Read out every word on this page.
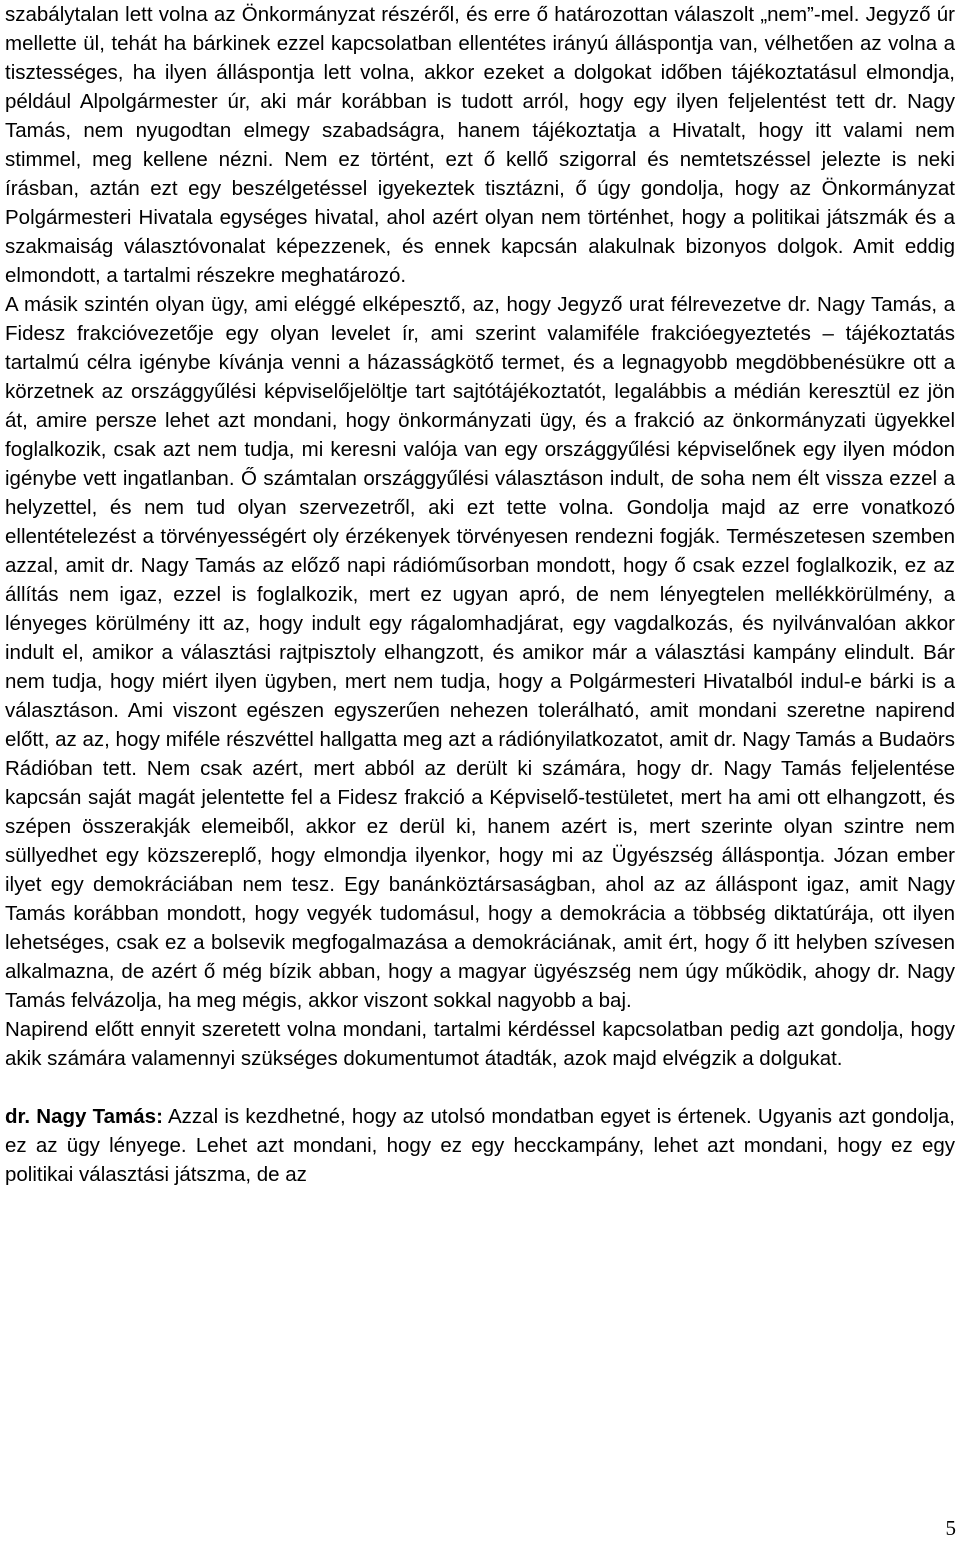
szabálytalan lett volna az Önkormányzat részéről, és erre ő határozottan válaszolt „nem”-mel. Jegyző úr mellette ül, tehát ha bárkinek ezzel kapcsolatban ellentétes irányú álláspontja van, vélhetően az volna a tisztességes, ha ilyen álláspontja lett volna, akkor ezeket a dolgokat időben tájékoztatásul elmondja, például Alpolgármester úr, aki már korábban is tudott arról, hogy egy ilyen feljelentést tett dr. Nagy Tamás, nem nyugodtan elmegy szabadságra, hanem tájékoztatja a Hivatalt, hogy itt valami nem stimmel, meg kellene nézni. Nem ez történt, ezt ő kellő szigorral és nemtetszéssel jelezte is neki írásban, aztán ezt egy beszélgetéssel igyekeztek tisztázni, ő úgy gondolja, hogy az Önkormányzat Polgármesteri Hivatala egységes hivatal, ahol azért olyan nem történhet, hogy a politikai játszmák és a szakmaiság választóvonalat képezzenek, és ennek kapcsán alakulnak bizonyos dolgok. Amit eddig elmondott, a tartalmi részekre meghatározó.

A másik szintén olyan ügy, ami eléggé elképesztő, az, hogy Jegyző urat félrevezetve dr. Nagy Tamás, a Fidesz frakcióvezetője egy olyan levelet ír, ami szerint valamiféle frakcióegyeztetés – tájékoztatás tartalmú célra igénybe kívánja venni a házasságkötő termet, és a legnagyobb megdöbbenésükre ott a körzetnek az országgyűlési képviselőjelöltje tart sajtótájékoztatót, legalábbis a médián keresztül ez jön át, amire persze lehet azt mondani, hogy önkormányzati ügy, és a frakció az önkormányzati ügyekkel foglalkozik, csak azt nem tudja, mi keresni valója van egy országgyűlési képviselőnek egy ilyen módon igénybe vett ingatlanban. Ő számtalan országgyűlési választáson indult, de soha nem élt vissza ezzel a helyzettel, és nem tud olyan szervezetről, aki ezt tette volna. Gondolja majd az erre vonatkozó ellentételezést a törvényességért oly érzékenyek törvényesen rendezni fogják. Természetesen szemben azzal, amit dr. Nagy Tamás az előző napi rádióműsorban mondott, hogy ő csak ezzel foglalkozik, ez az állítás nem igaz, ezzel is foglalkozik, mert ez ugyan apró, de nem lényegtelen mellékkörülmény, a lényeges körülmény itt az, hogy indult egy rágalomhadjárat, egy vagdalkozás, és nyilvánvalóan akkor indult el, amikor a választási rajtpisztoly elhangzott, és amikor már a választási kampány elindult. Bár nem tudja, hogy miért ilyen ügyben, mert nem tudja, hogy a Polgármesteri Hivatalból indul-e bárki is a választáson. Ami viszont egészen egyszerűen nehezen tolerálható, amit mondani szeretne napirend előtt, az az, hogy miféle részvéttel hallgatta meg azt a rádiónyilatkozatot, amit dr. Nagy Tamás a Budaörs Rádióban tett. Nem csak azért, mert abból az derült ki számára, hogy dr. Nagy Tamás feljelentése kapcsán saját magát jelentette fel a Fidesz frakció a Képviselő-testületet, mert ha ami ott elhangzott, és szépen összerakják elemeiből, akkor ez derül ki, hanem azért is, mert szerinte olyan szintre nem süllyedhet egy közszereplő, hogy elmondja ilyenkor, hogy mi az Ügyészség álláspontja. Józan ember ilyet egy demokráciában nem tesz. Egy banánköztársaságban, ahol az az álláspont igaz, amit Nagy Tamás korábban mondott, hogy vegyék tudomásul, hogy a demokrácia a többség diktatúrája, ott ilyen lehetséges, csak ez a bolsevik megfogalmazása a demokráciának, amit ért, hogy ő itt helyben szívesen alkalmazna, de azért ő még bízik abban, hogy a magyar ügyészség nem úgy működik, ahogy dr. Nagy Tamás felvázolja, ha meg mégis, akkor viszont sokkal nagyobb a baj.

Napirend előtt ennyit szeretett volna mondani, tartalmi kérdéssel kapcsolatban pedig azt gondolja, hogy akik számára valamennyi szükséges dokumentumot átadták, azok majd elvégzik a dolgukat.

dr. Nagy Tamás: Azzal is kezdhetné, hogy az utolsó mondatban egyet is értenek. Ugyanis azt gondolja, ez az ügy lényege. Lehet azt mondani, hogy ez egy hecckampány, lehet azt mondani, hogy ez egy politikai választási játszma, de az

5
